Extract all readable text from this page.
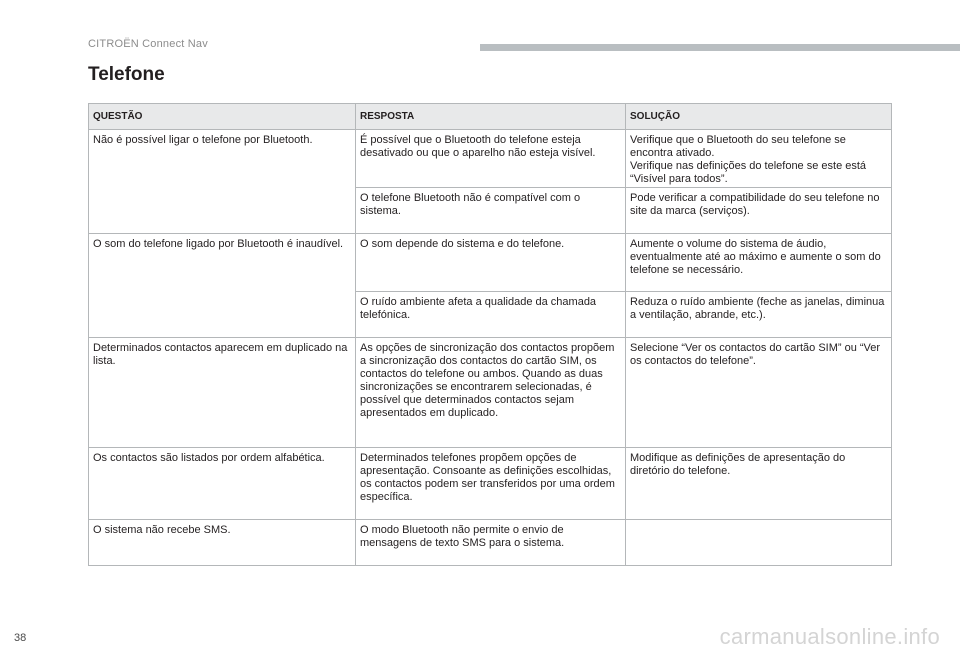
CITROËN Connect Nav
Telefone
QUESTÃO	RESPOSTA	SOLUÇÃO
Não é possível ligar o telefone por Bluetooth.	É possível que o Bluetooth do telefone esteja desativado ou que o aparelho não esteja visível.	Verifique que o Bluetooth do seu telefone se encontra ativado.
Verifique nas definições do telefone se este está “Visível para todos”.
	O telefone Bluetooth não é compatível com o sistema.	Pode verificar a compatibilidade do seu telefone no site da marca (serviços).
O som do telefone ligado por Bluetooth é inaudível.	O som depende do sistema e do telefone.	Aumente o volume do sistema de áudio, eventualmente até ao máximo e aumente o som do telefone se necessário.
	O ruído ambiente afeta a qualidade da chamada telefónica.	Reduza o ruído ambiente (feche as janelas, diminua a ventilação, abrande, etc.).
Determinados contactos aparecem em duplicado na lista.	As opções de sincronização dos contactos propõem a sincronização dos contactos do cartão SIM, os contactos do telefone ou ambos. Quando as duas sincronizações se encontrarem selecionadas, é possível que determinados contactos sejam apresentados em duplicado.	Selecione “Ver os contactos do cartão SIM” ou “Ver os contactos do telefone”.
Os contactos são listados por ordem alfabética.	Determinados telefones propõem opções de apresentação. Consoante as definições escolhidas, os contactos podem ser transferidos por uma ordem específica.	Modifique as definições de apresentação do diretório do telefone.
O sistema não recebe SMS.	O modo Bluetooth não permite o envio de mensagens de texto SMS para o sistema.	
38	carmanualsonline.info
